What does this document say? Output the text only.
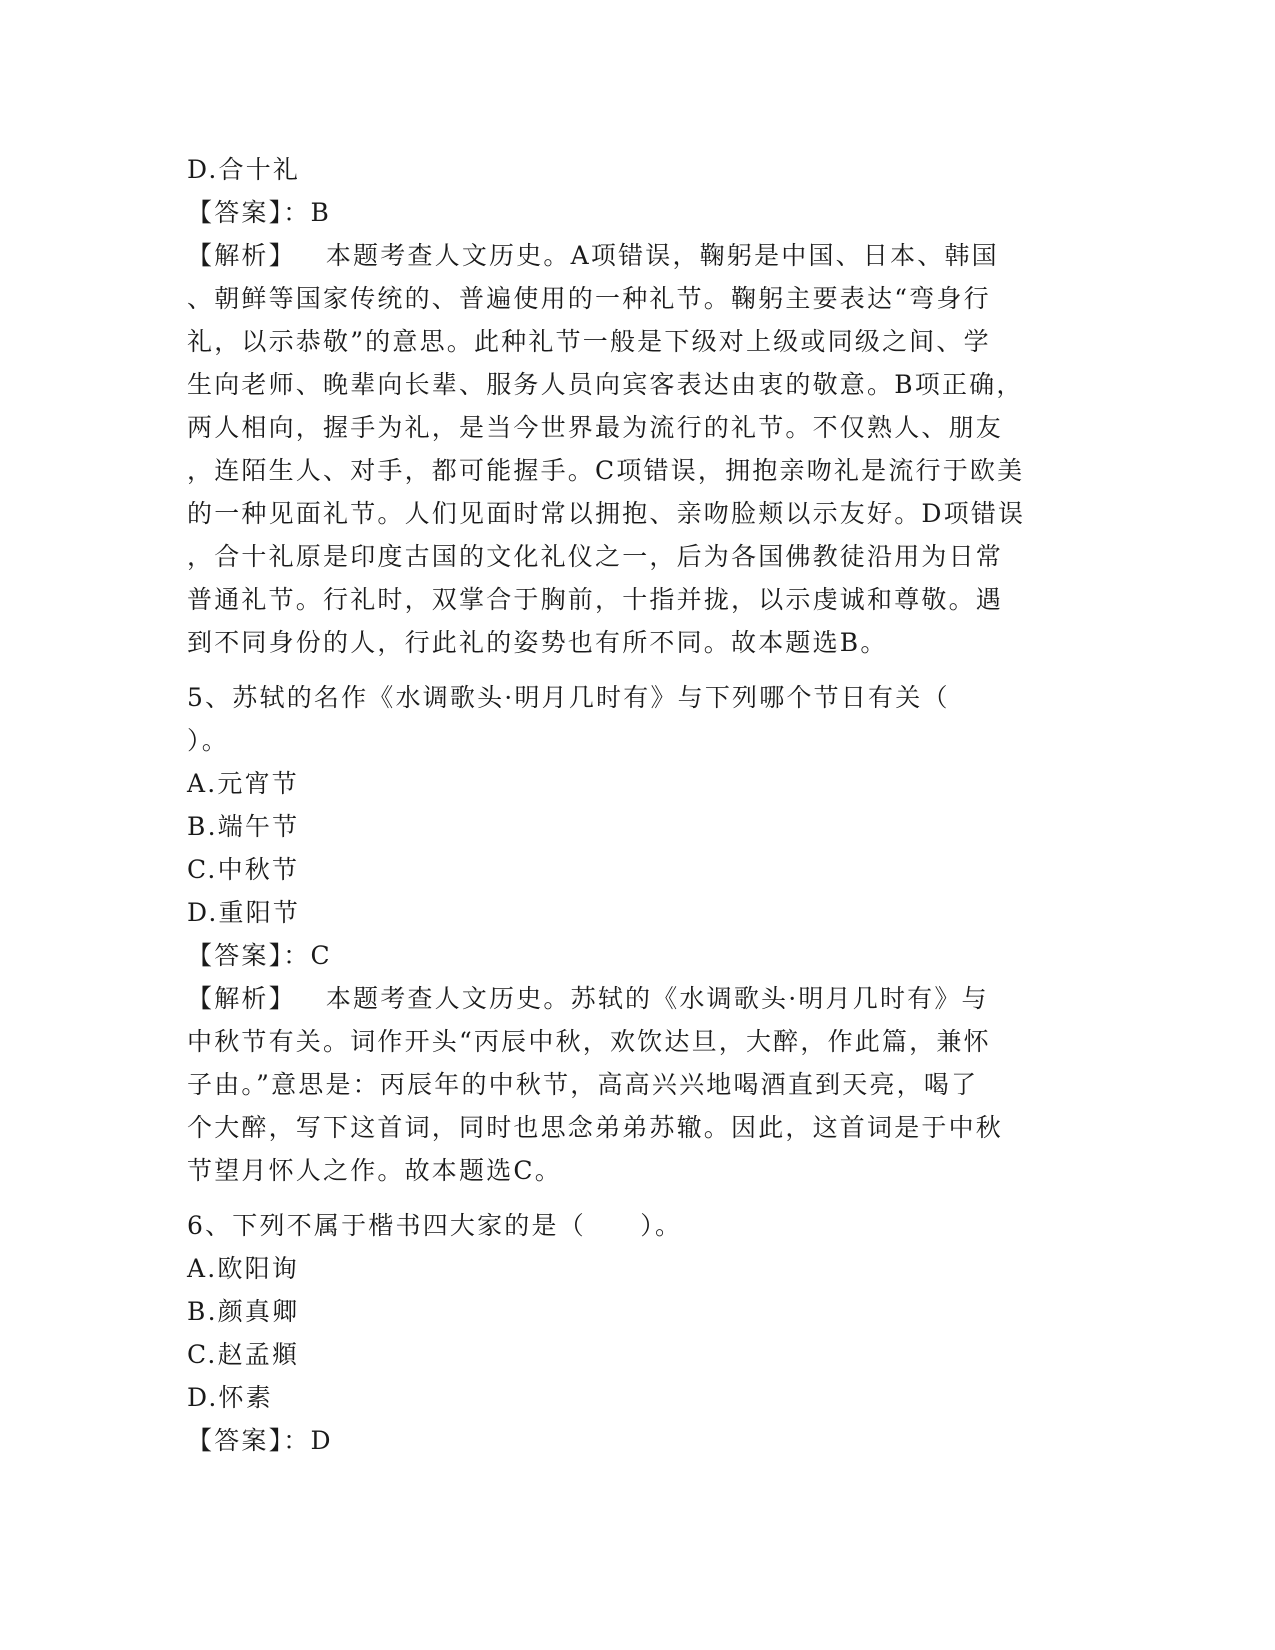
D.合十礼
【答案】：B
【解析】 本题考查人文历史。A项错误，鞠躬是中国、日本、韩国
、朝鲜等国家传统的、普遍使用的一种礼节。鞠躬主要表达“弯身行
礼，以示恭敬”的意思。此种礼节一般是下级对上级或同级之间、学
生向老师、晚辈向长辈、服务人员向宾客表达由衷的敬意。B项正确，
两人相向，握手为礼，是当今世界最为流行的礼节。不仅熟人、朋友
，连陌生人、对手，都可能握手。C项错误，拥抱亲吻礼是流行于欧美
的一种见面礼节。人们见面时常以拥抱、亲吻脸颊以示友好。D项错误
，合十礼原是印度古国的文化礼仪之一，后为各国佛教徒沿用为日常
普通礼节。行礼时，双掌合于胸前，十指并拢，以示虔诚和尊敬。遇
到不同身份的人，行此礼的姿势也有所不同。故本题选B。
5、苏轼的名作《水调歌头·明月几时有》与下列哪个节日有关（
）。
A.元宵节
B.端午节
C.中秋节
D.重阳节
【答案】：C
【解析】 本题考查人文历史。苏轼的《水调歌头·明月几时有》与
中秋节有关。词作开头“丙辰中秋，欢饮达旦，大醉，作此篇，兼怀
子由。”意思是：丙辰年的中秋节，高高兴兴地喝酒直到天亮，喝了
个大醉，写下这首词，同时也思念弟弟苏辙。因此，这首词是于中秋
节望月怀人之作。故本题选C。
6、下列不属于楷书四大家的是（　　）。
A.欧阳询
B.颜真卿
C.赵孟頫
D.怀素
【答案】：D
